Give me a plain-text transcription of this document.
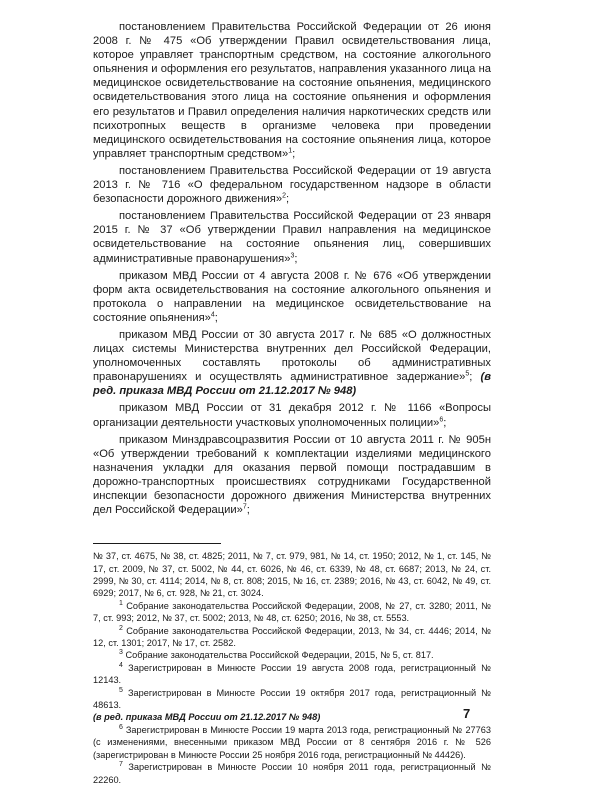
постановлением Правительства Российской Федерации от 26 июня 2008 г. № 475 «Об утверждении Правил освидетельствования лица, которое управляет транспортным средством, на состояние алкогольного опьянения и оформления его результатов, направления указанного лица на медицинское освидетельствование на состояние опьянения, медицинского освидетельствования этого лица на состояние опьянения и оформления его результатов и Правил определения наличия наркотических средств или психотропных веществ в организме человека при проведении медицинского освидетельствования на состояние опьянения лица, которое управляет транспортным средством»$^1$;

постановлением Правительства Российской Федерации от 19 августа 2013 г. № 716 «О федеральном государственном надзоре в области безопасности дорожного движения»$^2$;

постановлением Правительства Российской Федерации от 23 января 2015 г. № 37 «Об утверждении Правил направления на медицинское освидетельствование на состояние опьянения лиц, совершивших административные правонарушения»$^3$;

приказом МВД России от 4 августа 2008 г. № 676 «Об утверждении форм акта освидетельствования на состояние алкогольного опьянения и протокола о направлении на медицинское освидетельствование на состояние опьянения»$^4$;

приказом МВД России от 30 августа 2017 г. № 685 «О должностных лицах системы Министерства внутренних дел Российской Федерации, уполномоченных составлять протоколы об административных правонарушениях и осуществлять административное задержание»$^5$; (в ред. приказа МВД России от 21.12.2017 № 948)

приказом МВД России от 31 декабря 2012 г. № 1166 «Вопросы организации деятельности участковых уполномоченных полиции»$^6$;

приказом Минздравсоцразвития России от 10 августа 2011 г. № 905н «Об утверждении требований к комплектации изделиями медицинского назначения укладки для оказания первой помощи пострадавшим в дорожно-транспортных происшествиях сотрудниками Государственной инспекции безопасности дорожного движения Министерства внутренних дел Российской Федерации»$^7$;

№ 37, ст. 4675, № 38, ст. 4825; 2011, № 7, ст. 979, 981, № 14, ст. 1950; 2012, № 1, ст. 145, № 17, ст. 2009, № 37, ст. 5002, № 44, ст. 6026, № 46, ст. 6339, № 48, ст. 6687; 2013, № 24, ст. 2999, № 30, ст. 4114; 2014, № 8, ст. 808; 2015, № 16, ст. 2389; 2016, № 43, ст. 6042, № 49, ст. 6929; 2017, № 6, ст. 928, № 21, ст. 3024.

$^1$ Собрание законодательства Российской Федерации, 2008, № 27, ст. 3280; 2011, № 7, ст. 993; 2012, № 37, ст. 5002; 2013, № 48, ст. 6250; 2016, № 38, ст. 5553.

$^2$ Собрание законодательства Российской Федерации, 2013, № 34, ст. 4446; 2014, № 12, ст. 1301; 2017, № 17, ст. 2582.

$^3$ Собрание законодательства Российской Федерации, 2015, № 5, ст. 817.

$^4$ Зарегистрирован в Минюсте России 19 августа 2008 года, регистрационный № 12143.

$^5$ Зарегистрирован в Минюсте России 19 октября 2017 года, регистрационный № 48613.

(в ред. приказа МВД России от 21.12.2017 № 948)

$^6$ Зарегистрирован в Минюсте России 19 марта 2013 года, регистрационный № 27763 (с изменениями, внесенными приказом МВД России от 8 сентября 2016 г. № 526 (зарегистрирован в Минюсте России 25 ноября 2016 года, регистрационный № 44426).

$^7$ Зарегистрирован в Минюсте России 10 ноября 2011 года, регистрационный № 22260.

7
